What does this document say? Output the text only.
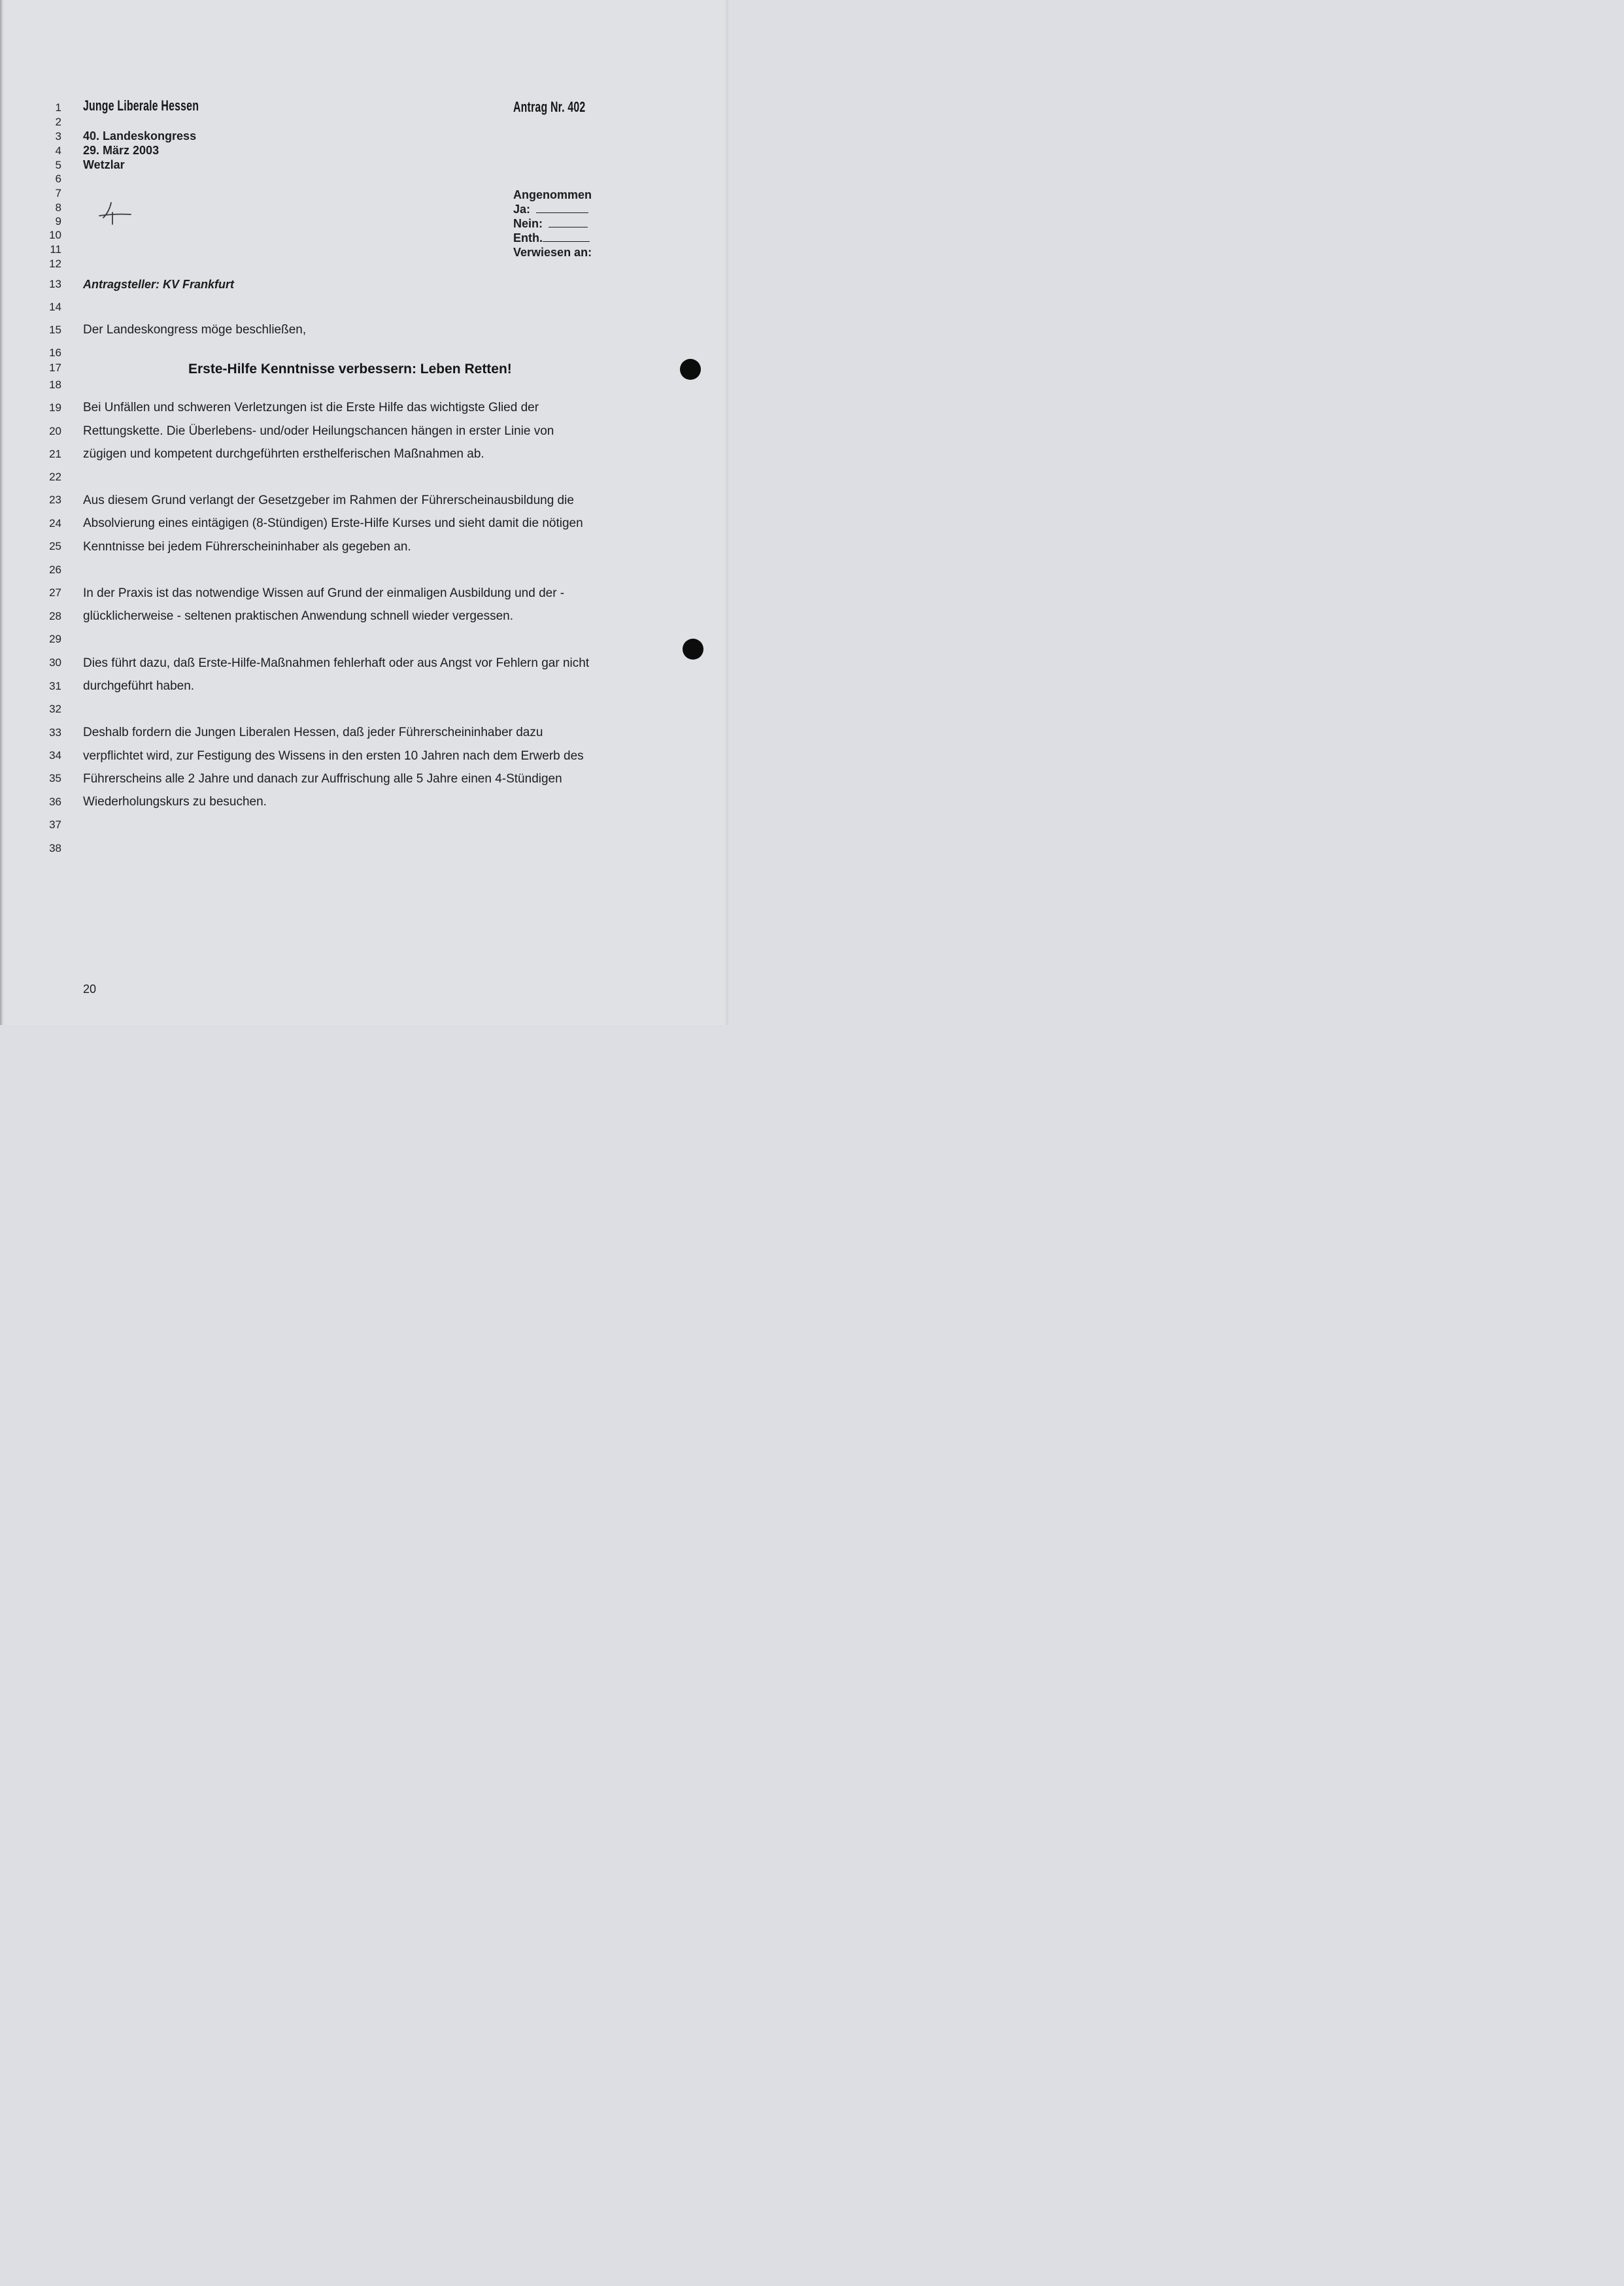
1
2
3
4
5
6
7
8
9
10
11
12
13
14
15
16
17
18
19
20
21
22
23
24
25
26
27
28
29
30
31
32
33
34
35
36
37
38
Junge Liberale Hessen	Antrag Nr. 402
40. Landeskongress
29. März 2003
Wetzlar
Angenommen
Ja:
Nein:
Enth.
Verwiesen an:
Antragsteller: KV Frankfurt
Der Landeskongress möge beschließen,
Erste-Hilfe Kenntnisse verbessern: Leben Retten!
Bei Unfällen und schweren Verletzungen ist die Erste Hilfe das wichtigste Glied der
Rettungskette. Die Überlebens- und/oder Heilungschancen hängen in erster Linie von
zügigen und kompetent durchgeführten ersthelferischen Maßnahmen ab.
Aus diesem Grund verlangt der Gesetzgeber im Rahmen der Führerscheinausbildung die
Absolvierung eines eintägigen (8-Stündigen) Erste-Hilfe Kurses und sieht damit die nötigen
Kenntnisse bei jedem Führerscheininhaber als gegeben an.
In der Praxis ist das notwendige Wissen auf Grund der einmaligen Ausbildung und der -
glücklicherweise - seltenen praktischen Anwendung schnell wieder vergessen.
Dies führt dazu, daß Erste-Hilfe-Maßnahmen fehlerhaft oder aus Angst vor Fehlern gar nicht
durchgeführt haben.
Deshalb fordern die Jungen Liberalen Hessen, daß jeder Führerscheininhaber dazu
verpflichtet wird, zur Festigung des Wissens in den ersten 10 Jahren nach dem Erwerb des
Führerscheins alle 2 Jahre und danach zur Auffrischung alle 5 Jahre einen 4-Stündigen
Wiederholungskurs zu besuchen.
20
